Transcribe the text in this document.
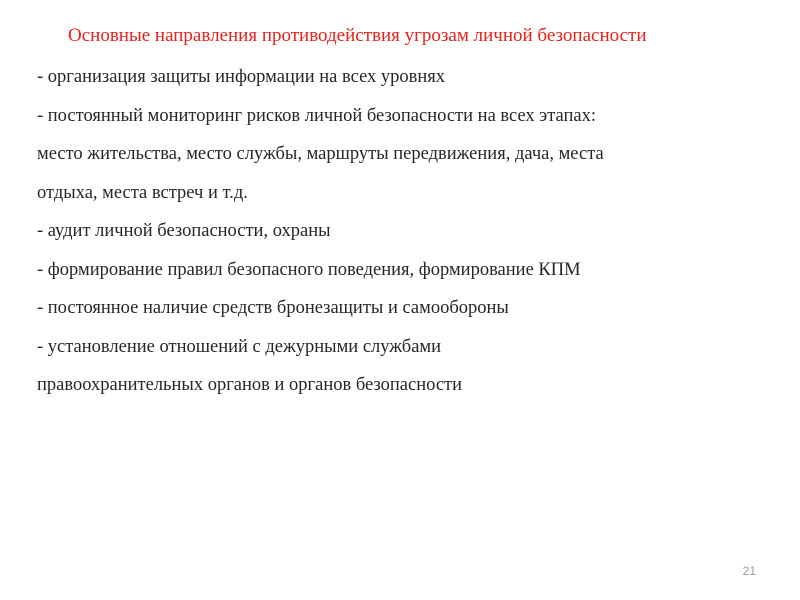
Основные направления противодействия угрозам личной безопасности
- организация защиты информации на всех уровнях
- постоянный мониторинг рисков личной безопасности на всех этапах:
место жительства, место службы, маршруты передвижения, дача, места
отдыха, места встреч и т.д.
- аудит личной безопасности, охраны
- формирование правил безопасного поведения, формирование КПМ
- постоянное наличие средств бронезащиты и самообороны
- установление отношений с дежурными службами
правоохранительных органов и органов безопасности
21
